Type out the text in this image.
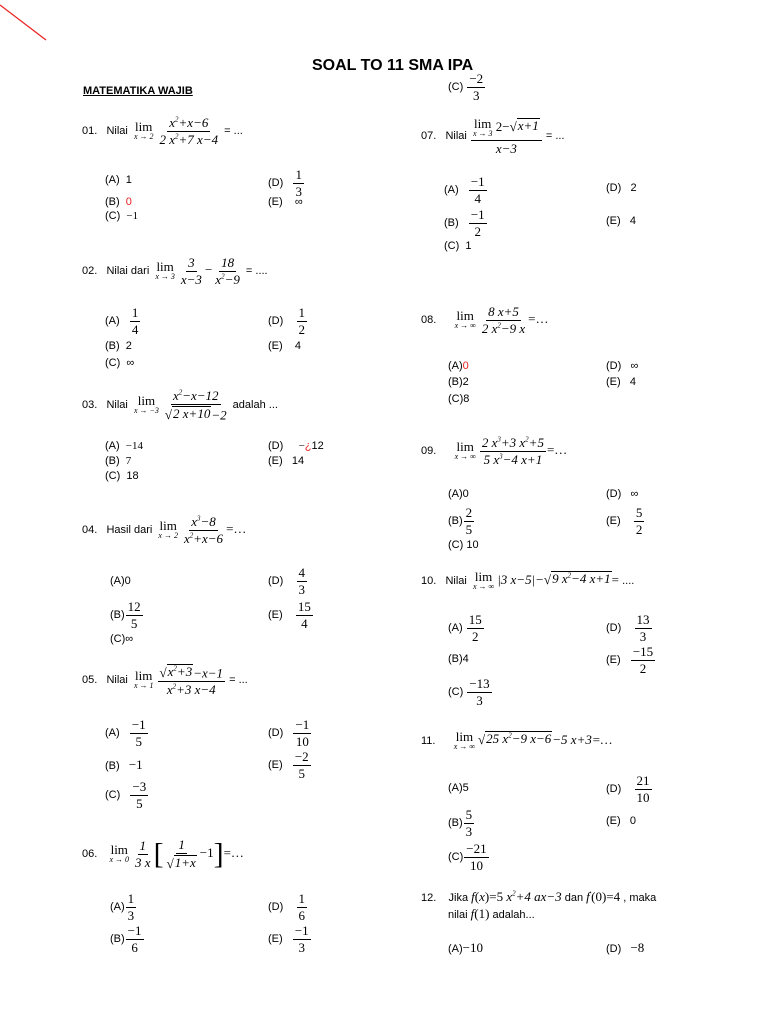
SOAL TO 11 SMA IPA
MATEMATIKA WAJIB
01. Nilai lim
$x \to 2 \frac{x^2+x-6}{2 x^2+7 x-4}$ = ...
(A) 1
(B) 0
(C) −1
$(D) \frac{1}{3}$
(E) ∞
02. Nilai dari lim
$x \to 3 \frac{3}{x-3} - \frac{18}{x^2-9}$ = ....
$(A) \frac{1}{4}$
(B) 2
(C) ∞
$(D) \frac{1}{2}$
(E) 4
03. Nilai lim
$x \to -3 \frac{x^2-x-12}{√ 2 x+10 -2}$ adalah ...
(A) −14
(B) 7
(C) 18
(D) −¿12
(E) 14
04. Hasil dari lim
$x \to 2 \frac{x^3-8}{x^2+x-6}$ =…
(A)0
$(B) \frac{12}{5}$
(C)∞
$(D) \frac{4}{3}$
$(E) \frac{15}{4}$
05. Nilai lim
$x \to 1 \frac{√ x^2+3 -x-1}{x^2+3 x-4}$ = ...
$(A) \frac{-1}{5}$
(B) −1
$(C) \frac{-3}{5}$
$(D) \frac{-1}{10}$
$(E) \frac{-2}{5}$
06. lim
$x \to 0 \frac{1}{3 x}$ [ $\frac{1}{√ 1+x}$ −1]=…
$(A) \frac{1}{3}$
$(B) \frac{-1}{6}$
$(D) \frac{1}{6}$
$(E) \frac{-1}{3}$
$(C) \frac{-2}{3}$
07. Nilai lim
x → 3 2− √ x+1
x−3 = ...
$(A) \frac{-1}{4}$
$(B) \frac{-1}{2}$
(C) 1
(D) 2
(E) 4
08. lim
x → ∞ $\frac{8 x+5}{2 x^2-9 x}$ =…
(A)0
(B)2
(C)8
(D) ∞
(E) 4
09. lim
x → ∞ $\frac{2 x^3+3 x^2+5}{5 x^3-4 x+1}$ =…
(A)0
$(B) \frac{2}{5}$
(C) 10
(D) ∞
$(E) \frac{5}{2}$
10. Nilai lim
x → ∞ |3 x−5|− √ 9 $x^2-4$ x+1 = ....
$(A) \frac{15}{2}$
(B)4
$(C) \frac{-13}{3}$
$(D) \frac{13}{3}$
$(E) \frac{-15}{2}$
11. lim
x → ∞ √ 25 $x^2-9$ x−6 −5 x+3=…
(A)5
$(B) \frac{5}{3}$
$(C) \frac{-21}{10}$
$(D) \frac{21}{10}$
(E) 0
12. Jika f(x)=5 $x^2+4$ ax−3 dan f'(0)=4 , maka
nilai f(1) adalah...
(A)−10	(D) −8
